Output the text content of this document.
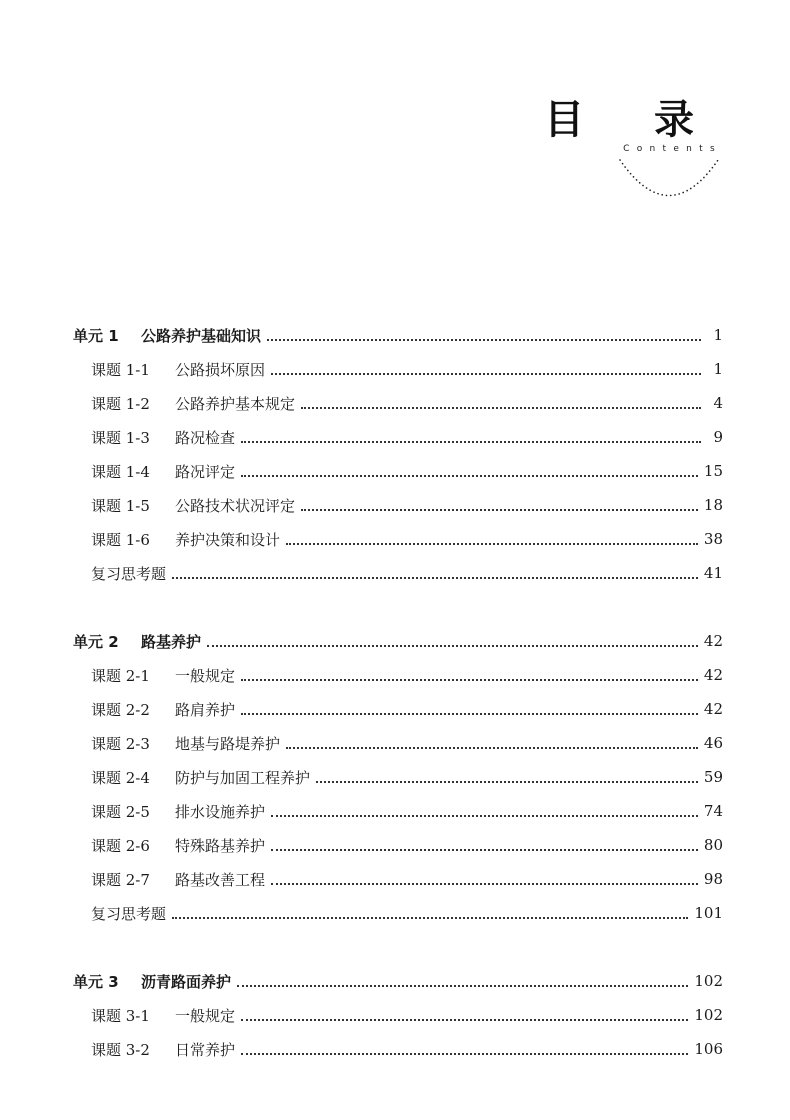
目 录
Contents
单元 1	公路养护基础知识	1
课题 1-1	公路损坏原因	1
课题 1-2	公路养护基本规定	4
课题 1-3	路况检查	9
课题 1-4	路况评定	15
课题 1-5	公路技术状况评定	18
课题 1-6	养护决策和设计	38
复习思考题	41
单元 2	路基养护	42
课题 2-1	一般规定	42
课题 2-2	路肩养护	42
课题 2-3	地基与路堤养护	46
课题 2-4	防护与加固工程养护	59
课题 2-5	排水设施养护	74
课题 2-6	特殊路基养护	80
课题 2-7	路基改善工程	98
复习思考题	101
单元 3	沥青路面养护	102
课题 3-1	一般规定	102
课题 3-2	日常养护	106
